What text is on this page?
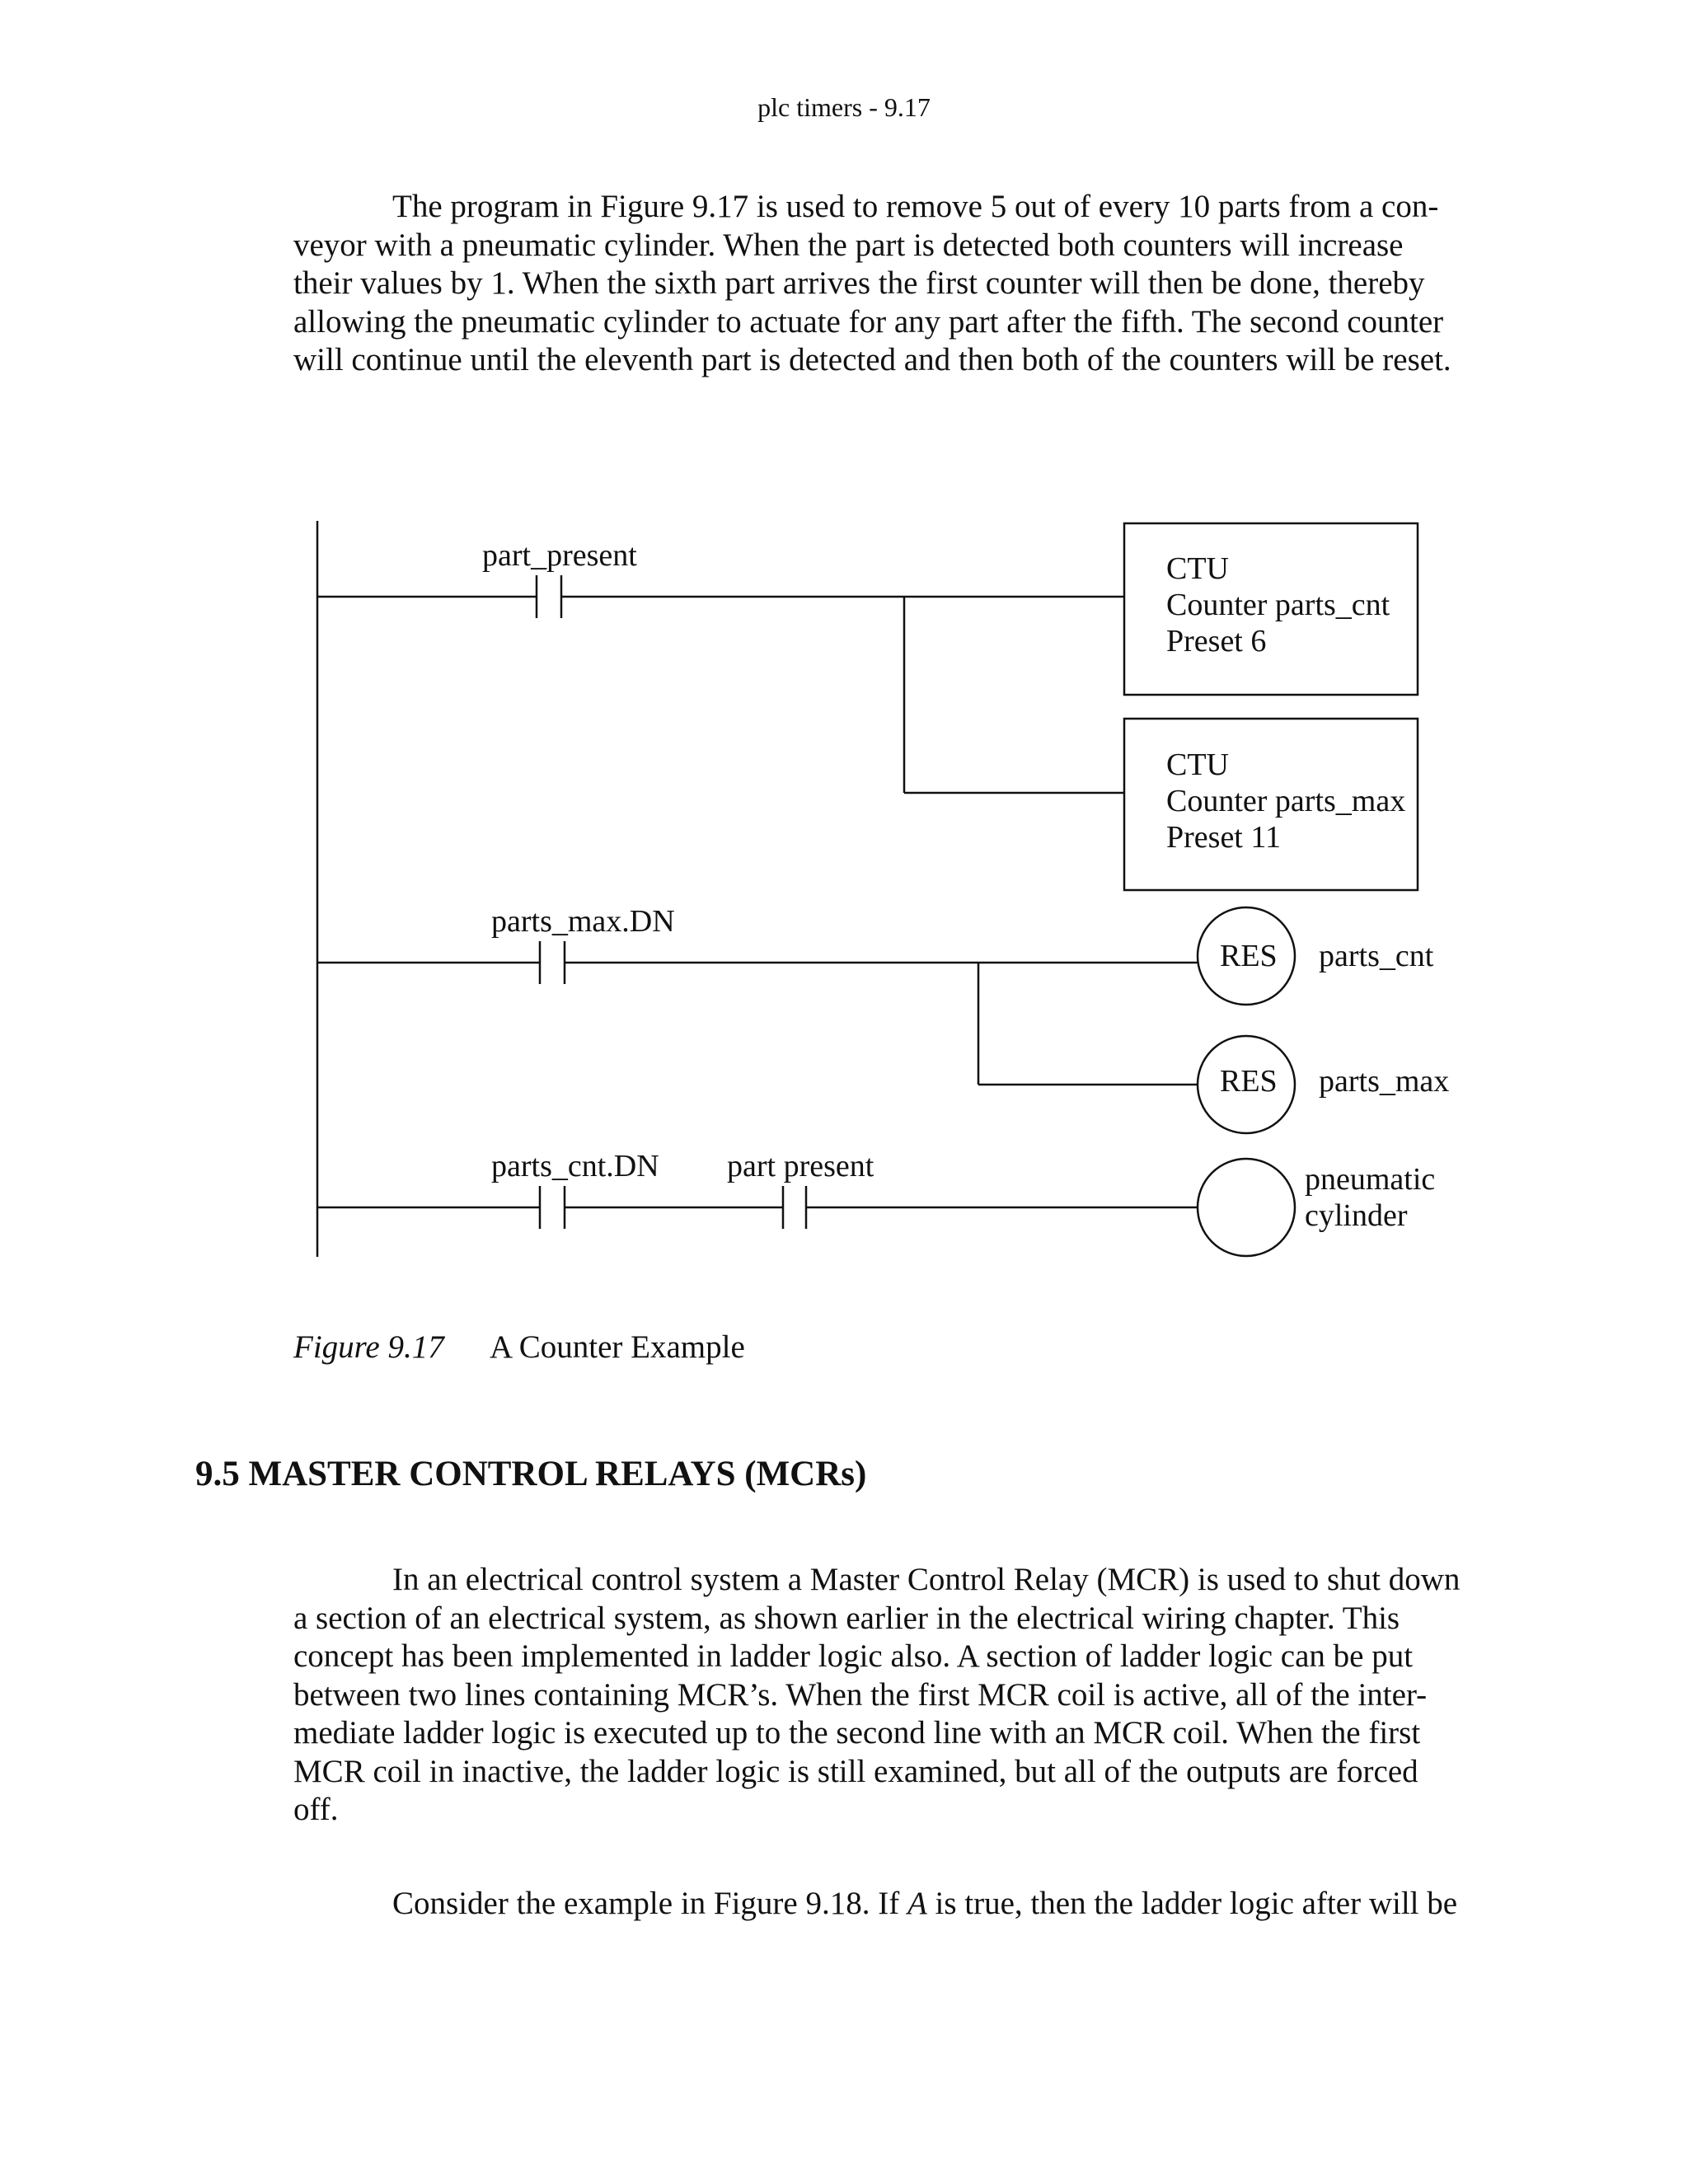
plc timers - 9.17
The program in Figure 9.17 is used to remove 5 out of every 10 parts from a con-
veyor with a pneumatic cylinder. When the part is detected both counters will increase
their values by 1. When the sixth part arrives the first counter will then be done, thereby
allowing the pneumatic cylinder to actuate for any part after the fifth. The second counter
will continue until the eleventh part is detected and then both of the counters will be reset.
part_present	CTU
Counter parts_cnt
Preset 6
CTU
Counter parts_max
Preset 11
parts_max.DN
RES parts_cnt
RES parts_max
parts_cnt.DN part present	pneumatic
cylinder
Figure 9.17 A Counter Example
9.5 MASTER CONTROL RELAYS (MCRs)
In an electrical control system a Master Control Relay (MCR) is used to shut down
a section of an electrical system, as shown earlier in the electrical wiring chapter. This
concept has been implemented in ladder logic also. A section of ladder logic can be put
between two lines containing MCR’s. When the first MCR coil is active, all of the inter-
mediate ladder logic is executed up to the second line with an MCR coil. When the first
MCR coil in inactive, the ladder logic is still examined, but all of the outputs are forced
off.
Consider the example in Figure 9.18. If A is true, then the ladder logic after will be
